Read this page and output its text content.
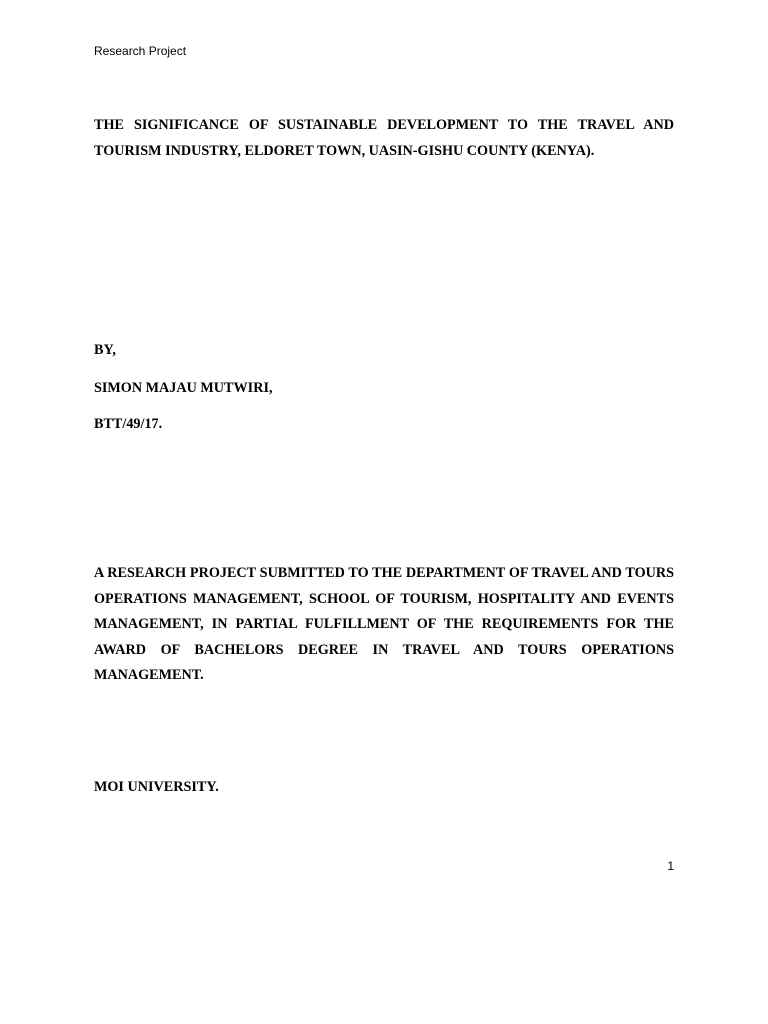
Research Project
THE SIGNIFICANCE OF SUSTAINABLE DEVELOPMENT TO THE TRAVEL AND TOURISM INDUSTRY, ELDORET TOWN, UASIN-GISHU COUNTY (KENYA).
BY,
SIMON MAJAU MUTWIRI,
BTT/49/17.
A RESEARCH PROJECT SUBMITTED TO THE DEPARTMENT OF TRAVEL AND TOURS OPERATIONS MANAGEMENT, SCHOOL OF TOURISM, HOSPITALITY AND EVENTS MANAGEMENT, IN PARTIAL FULFILLMENT OF THE REQUIREMENTS FOR THE AWARD OF BACHELORS DEGREE IN TRAVEL AND TOURS OPERATIONS MANAGEMENT.
MOI UNIVERSITY.
1
